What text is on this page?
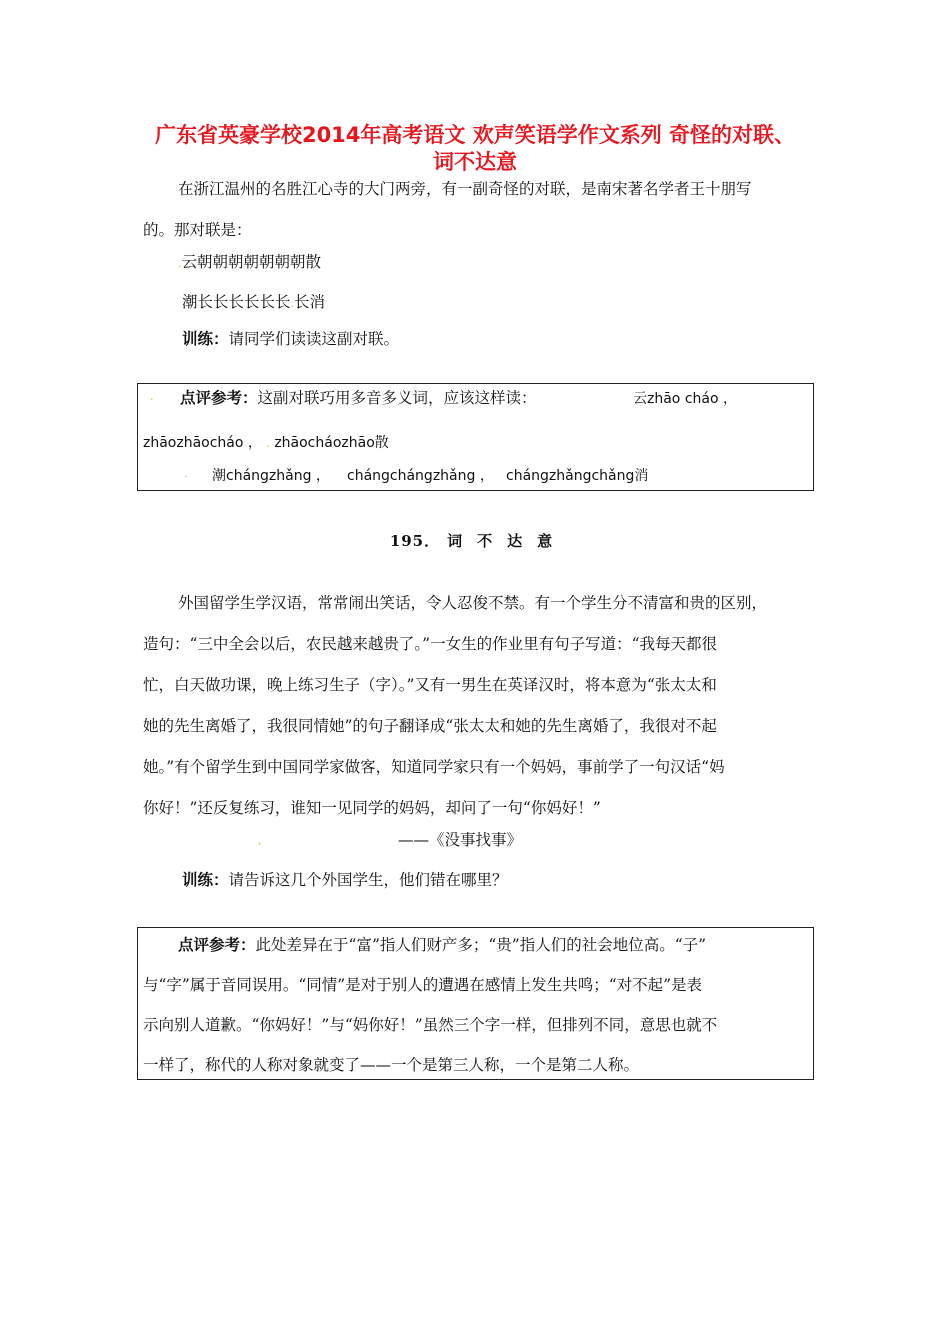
广东省英豪学校2014年高考语文 欢声笑语学作文系列 奇怪的对联、
词不达意
在浙江温州的名胜江心寺的大门两旁，有一副奇怪的对联，是南宋著名学者王十朋写
的。那对联是：
.云朝朝朝朝朝朝朝散
潮长长长长长长.长消
训练：请同学们读读这副对联。
. 点评参考：这副对联巧用多音多义词，应该这样读：	云zhāo cháo ，
zhāozhāocháo ， . zhāocháozhāo散
. 潮chángzhǎng ， chángchángzhǎng ， chángzhǎngchǎng消
195． 词 不 达 意
外国留学生学汉语，常常闹出笑话，令人忍俊不禁。有一个学生分不清富和贵的区别，
造句：“三中全会以后，农民越来越贵了。”一女生的作业里有句子写道：“我每天都很
忙，白天做功课，晚上练习生子（字）。”又有一男生在英译汉时，将本意为“张太太和
她的先生离婚了，我很同情她”的句子翻译成“张太太和她的先生离婚了，我很对不起
她。”有个留学生到中国同学家做客，知道同学家只有一个妈妈，事前学了一句汉话“妈
你好！”还反复练习，谁知一见同学的妈妈，却问了一句“你妈好！”
,	——《没事找事》
训练：请告诉这几个外国学生，他们错在哪里？
点评参考：此处差异在于“富”指人们财产多；“贵”指人们的社会地位高。“子”
与“字”属于音同误用。“同情”是对于别人的遭遇在感情上发生共鸣；“对不起”是表
示向别人道歉。“你妈好！”与“妈你好！”虽然三个字一样，但排列不同，意思也就不
一样了，称代的人称对象就变了——一个是第三人称，一个是第二人称。
